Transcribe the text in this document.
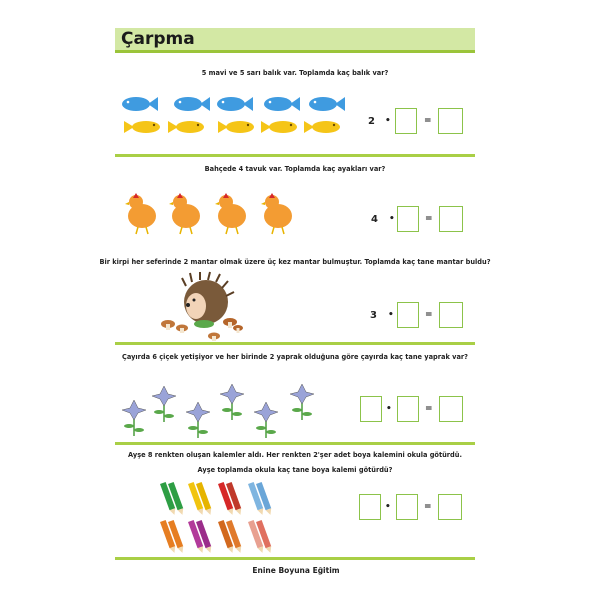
Çarpma
5 mavi ve 5 sarı balık var. Toplamda kaç balık var?
2 •	=
Bahçede 4 tavuk var. Toplamda kaç ayakları var?
4 •	=
Bir kirpi her seferinde 2 mantar olmak üzere üç kez mantar bulmuştur. Toplamda kaç tane mantar buldu?
3 •	=
Çayırda 6 çiçek yetişiyor ve her birinde 2 yaprak olduğuna göre çayırda kaç tane yaprak var?
•	=
Ayşe 8 renkten oluşan kalemler aldı. Her renkten 2'şer adet boya kalemini okula götürdü.
Ayşe toplamda okula kaç tane boya kalemi götürdü?
•	=
Enine Boyuna Eğitim
